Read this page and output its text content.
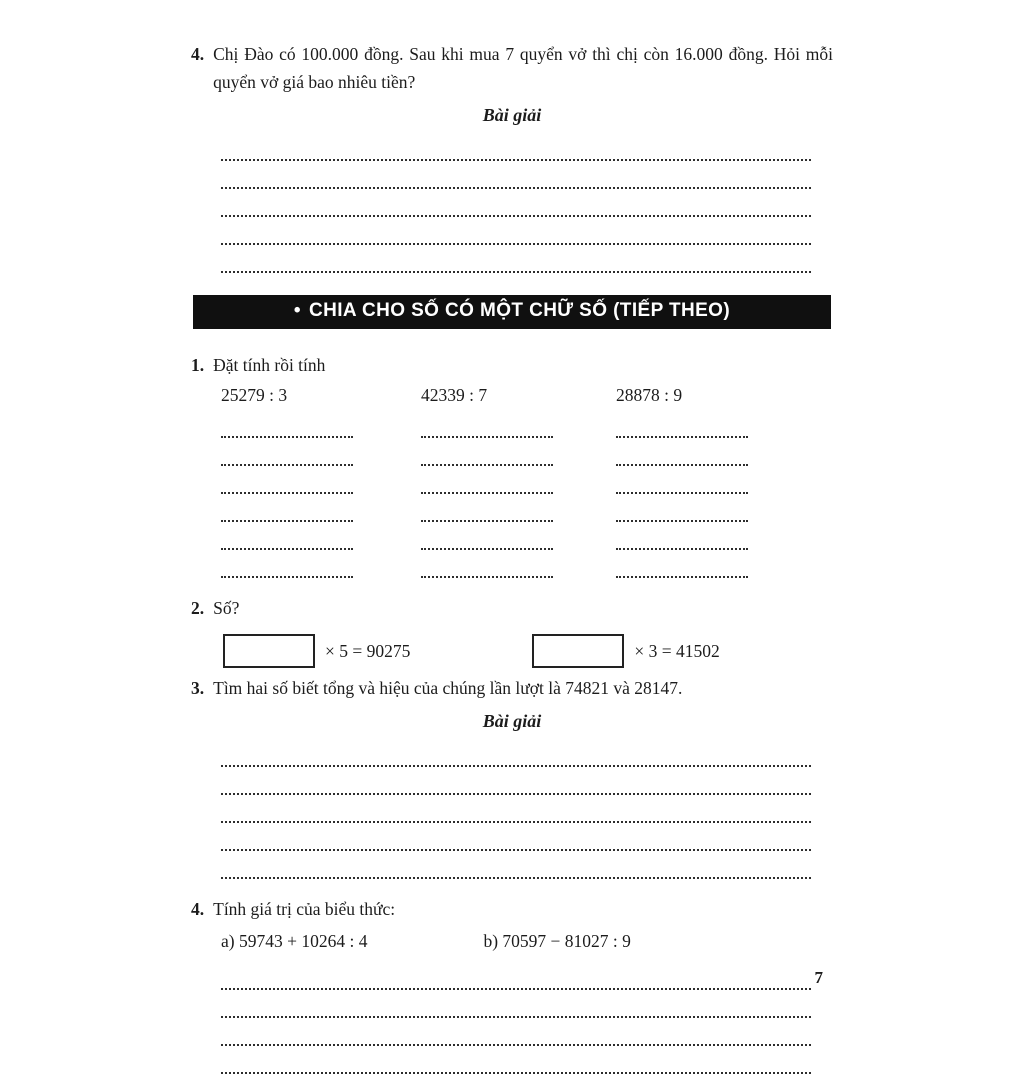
4. Chị Đào có 100.000 đồng. Sau khi mua 7 quyển vở thì chị còn 16.000 đồng. Hỏi mỗi quyển vở giá bao nhiêu tiền?
Bài giải
• CHIA CHO SỐ CÓ MỘT CHỮ SỐ (TIẾP THEO)
1. Đặt tính rồi tính
25279 : 3	42339 : 7	28878 : 9
2. Số?
× 5 = 90275	× 3 = 41502
3. Tìm hai số biết tổng và hiệu của chúng lần lượt là 74821 và 28147.
Bài giải
4. Tính giá trị của biểu thức:
a) 59743 + 10264 : 4	b) 70597 − 81027 : 9
7
